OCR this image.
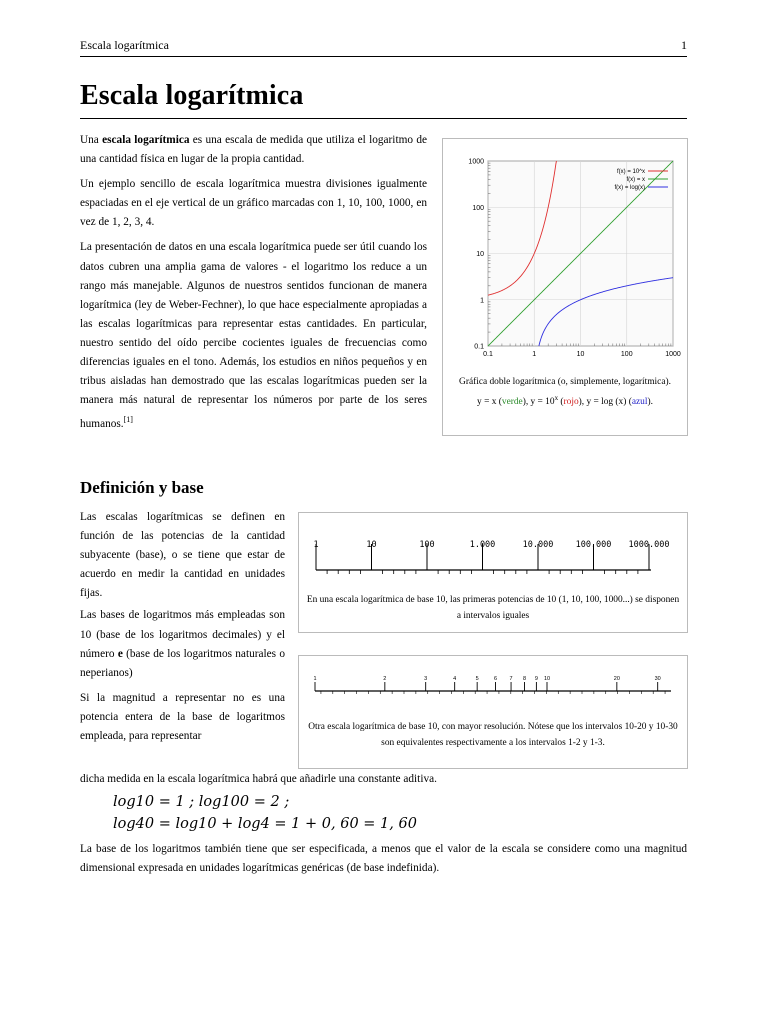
Escala logarítmica	1
Escala logarítmica

Una escala logarítmica es una escala de medida que utiliza el logaritmo de una cantidad física en lugar de la propia cantidad.

Un ejemplo sencillo de escala logarítmica muestra divisiones igualmente espaciadas en el eje vertical de un gráfico marcadas con 1, 10, 100, 1000, en vez de 1, 2, 3, 4.

La presentación de datos en una escala logarítmica puede ser útil cuando los datos cubren una amplia gama de valores - el logaritmo los reduce a un rango más manejable. Algunos de nuestros sentidos funcionan de manera logarítmica (ley de Weber-Fechner), lo que hace especialmente apropiadas a las escalas logarítmicas para representar estas cantidades. En particular, nuestro sentido del oído percibe cocientes iguales de frecuencias como diferencias iguales en el tono. Además, los estudios en niños pequeños y en tribus aisladas han demostrado que las escalas logarítmicas pueden ser la manera más natural de representar los números por parte de los seres humanos.[1]

0.1	1	10	100	1000
0.1
1
10
100
1000
f(x) = 10^x
f(x) = x
f(x) = log(x)
Gráfica doble logarítmica (o, simplemente, logarítmica).
y = x (verde), $y = 10^x$ (rojo), y = log (x) (azul).
Definición y base

Las escalas logarítmicas se definen en función de las potencias de la cantidad subyacente (base), o se tiene que estar de acuerdo en medir la cantidad en unidades fijas.

Las bases de logaritmos más empleadas son 10 (base de los logaritmos decimales) y el número e (base de los logaritmos naturales o neperianos)

Si la magnitud a representar no es una potencia entera de la base de logaritmos empleada, para representar

dicha medida en la escala logarítmica habrá que añadirle una constante aditiva.

1	10	100	1.000	10.000	100.000 1000.000
En una escala logarítmica de base 10, las primeras potencias de 10 (1, 10, 100, 1000...) se disponen a intervalos iguales
1	2	3	4	5	6 7 8 9 10	20	30
Otra escala logarítmica de base 10, con mayor resolución. Nótese que los intervalos 10-20 y 10-30 son equivalentes respectivamente a los intervalos 1-2 y 1-3.
log10 = 1 ; log100 = 2 ;
log40 = log10 + log4 = 1 + 0, 60 = 1, 60

La base de los logaritmos también tiene que ser especificada, a menos que el valor de la escala se considere como una magnitud dimensional expresada en unidades logarítmicas genéricas (de base indefinida).
